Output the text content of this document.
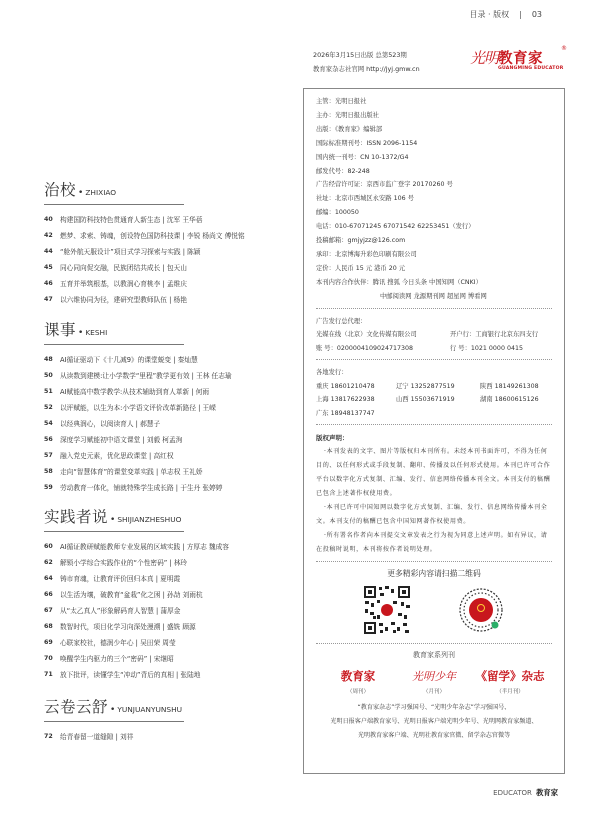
目录 · 版权 | 03
2026年3月15日出版 总第523期
教育家杂志社官网 http://jyj.gmw.cn
光明 教育家
®
GUANGMING EDUCATOR
主管：光明日报社
主办：光明日报出版社
出版：《教育家》编辑部
国际标准期刊号：ISSN 2096-1154
国内统一刊号：CN 10-1372/G4
邮发代号：82-248
广告经营许可证：京西市监广登字 20170260 号
社址：北京市西城区永安路 106 号
邮编：100050
电话：010-67071245 67071542 62253451（发行）
投稿邮箱：gmjyjzz@126.com
承印：北京博海升彩色印刷有限公司
定价：人民币 15 元 港币 20 元
本刊内容合作伙伴：腾讯 搜狐 今日头条 中国知网（CNKI）
中邮阅读网 龙源期刊网 超星网 博看网
广告发行总代理：
光媒在线（北京）文化传媒有限公司	开户行：工商银行北京东四支行
账 号：0200004109024717308	行 号：1021 0000 0415
各地发行：
重庆 18601210478	辽宁 13252877519	陕西 18149261308
上海 13817622938	山西 15503671919	湖南 18600615126
广东 18948137747
版权声明：

·本刊发表的文字、图片等版权归本刊所有。未经本刊书面许可，不得为任何目的、以任何形式或手段复制、翻印、传播及以任何形式使用。本刊已许可合作平台以数字化方式复制、汇编、发行、信息网络传播本刊全文。本刊支付的稿酬已包含上述著作权使用费。

·本刊已许可中国知网以数字化方式复制、汇编、发行、信息网络传播本刊全文。本刊支付的稿酬已包含中国知网著作权使用费。

·所有署名作者向本刊提交文章发表之行为视为同意上述声明。如有异议，请在投稿时说明，本刊将按作者说明处理。

更多精彩内容请扫描二维码
教育家系列刊
教育家
（周刊）
光明少年
（月刊）
《留学》杂志
（半月刊）
“教育家杂志”学习强国号、“光明少年杂志”学习强国号、
光明日报客户端教育家号、光明日报客户端光明少年号、光明网教育家频道、
光明教育家客户端、光明社教育家官微、留学杂志官微等
EDUCATOR 教育家
治校 • ZHIXIAO
40	构建国防科技特色贯通育人新生态 | 沈军 王华蓓
42	燃梦、求索、铸魂，创设特色国防科技课 | 李锐 杨尚文 傅悦铭
44	“舱外航天服设计”项目式学习探索与实践 | 陈颖
45	同心同向促交融，民族团结共成长 | 包天山
46	五育并举筑根基，以教润心育桃李 | 孟维庆
47	以六维协同为径，建研究型教师队伍 | 杨艳
课事 • KESHI
48	AI循证驱动下《十几减9》的课堂蜕变 | 秦灿慧
50	从读数到建模:让小学数学“里程”教学更有效 | 王林 任志瑜
51	AI赋能高中数学教学:从技术辅助到育人革新 | 何雨
52	以评赋能，以生为本:小学语文评价改革新路径 | 王嵘
54	以经典润心，以阅读育人 | 郝慧子
56	深度学习赋能初中语文课堂 | 刘毅 柯孟洵
57	融入党史元素，优化思政课堂 | 高红权
58	走向“智慧体育”的课堂变革实践 | 单志权 王礼娇
59	劳动教育一体化，铺就特殊学生成长路 | 于生丹 张婷婷
实践者说 • SHIJIANZHESHUO
60	AI循证教研赋能教师专业发展的区域实践 | 方厚志 魏成容
62	解锁小学综合实践作业的“个性密码” | 林玲
64	铸市育魂，让教育评价回归本真 | 夏明霞
66	以生活为壤，破教育“盆栽”化之困 | 孙劼 刘雨杭
67	从“太乙真人”形象解码育人智慧 | 蒲厚金
68	数智时代，项目化学习向深处漫溯 | 盛铣 顾源
69	心联家校社，德润少年心 | 吴田荣 周莹
70	唤醒学生内驱力的三个“密码” | 宋继昭
71	放下批评，读懂学生“冲动”背后的真相 | 张陆地
云卷云舒 • YUNJUANYUNSHU
72	给青春留一道缝隙 | 刘祥
